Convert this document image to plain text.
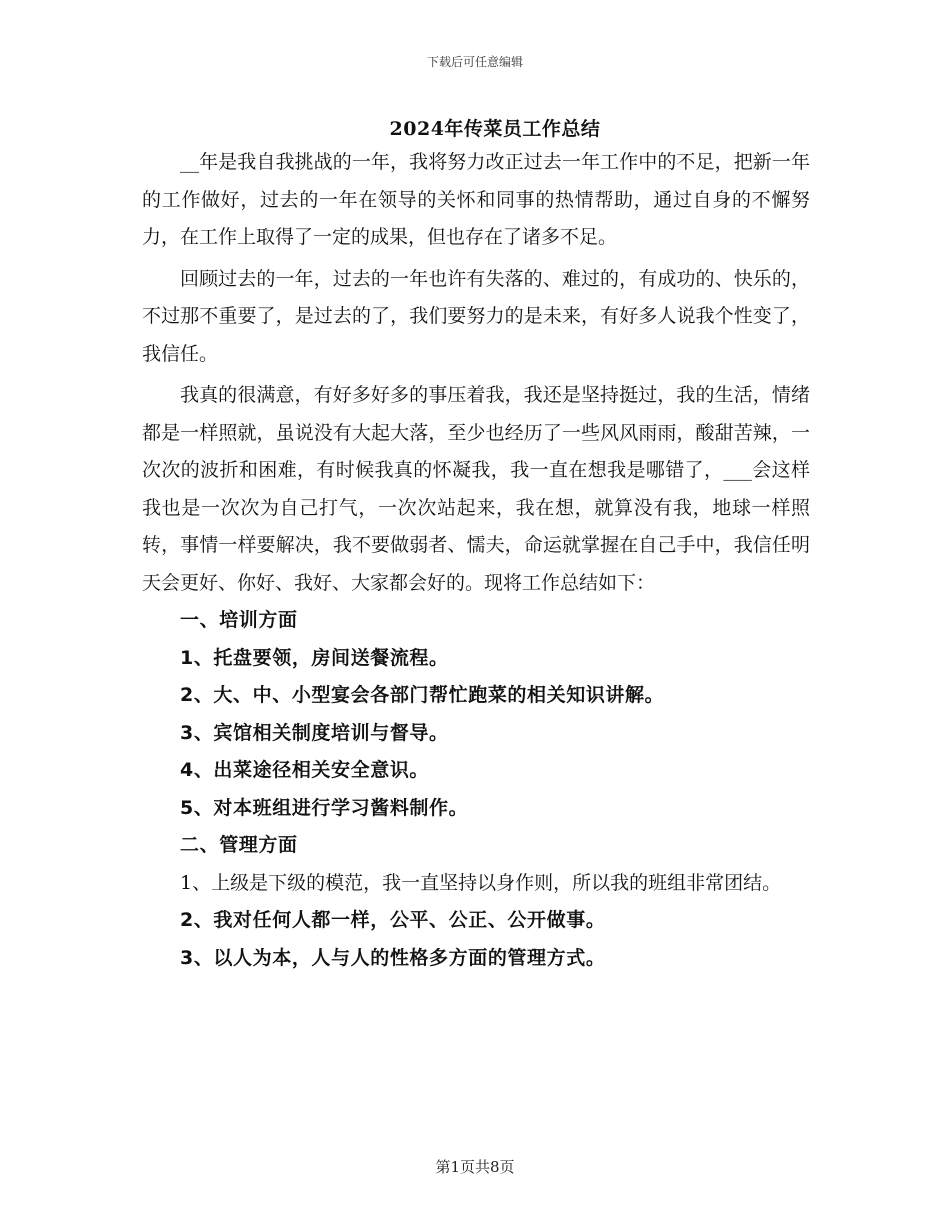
下载后可任意编辑
2024年传菜员工作总结

__年是我自我挑战的一年，我将努力改正过去一年工作中的不足，把新一年的工作做好，过去的一年在领导的关怀和同事的热情帮助，通过自身的不懈努力，在工作上取得了一定的成果，但也存在了诸多不足。

回顾过去的一年，过去的一年也许有失落的、难过的，有成功的、快乐的，不过那不重要了，是过去的了，我们要努力的是未来，有好多人说我个性变了，我信任。

我真的很满意，有好多好多的事压着我，我还是坚持挺过，我的生活，情绪都是一样照就，虽说没有大起大落，至少也经历了一些风风雨雨，酸甜苦辣，一次次的波折和困难，有时候我真的怀凝我，我一直在想我是哪错了，___会这样我也是一次次为自己打气，一次次站起来，我在想，就算没有我，地球一样照转，事情一样要解决，我不要做弱者、懦夫，命运就掌握在自己手中，我信任明天会更好、你好、我好、大家都会好的。现将工作总结如下：

一、培训方面

1、托盘要领，房间送餐流程。

2、大、中、小型宴会各部门帮忙跑菜的相关知识讲解。

3、宾馆相关制度培训与督导。

4、出菜途径相关安全意识。

5、对本班组进行学习酱料制作。

二、管理方面

1、上级是下级的模范，我一直坚持以身作则，所以我的班组非常团结。

2、我对任何人都一样，公平、公正、公开做事。

3、以人为本，人与人的性格多方面的管理方式。

第1页共8页
